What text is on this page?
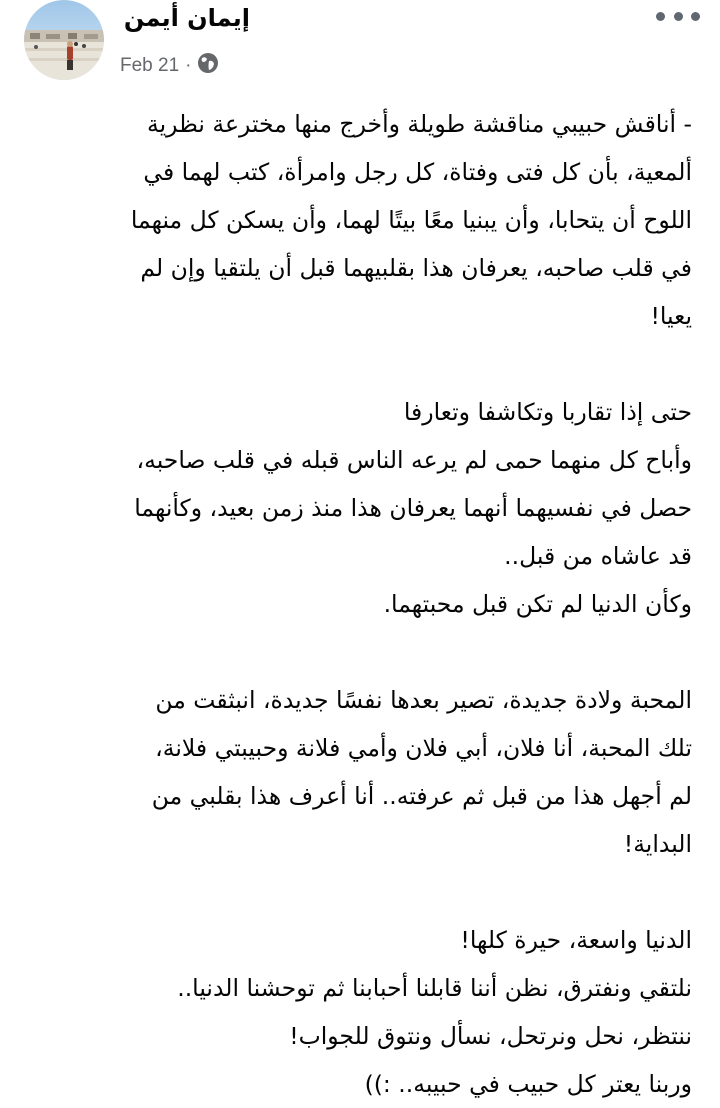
إيمان أيمن
Feb 21 ·
- أناقش حبيبي مناقشة طويلة وأخرج منها مخترعة نظرية
ألمعية، بأن كل فتى وفتاة، كل رجل وامرأة، كتب لهما في
اللوح أن يتحابا، وأن يبنيا معًا بيتًا لهما، وأن يسكن كل منهما
في قلب صاحبه، يعرفان هذا بقلبيهما قبل أن يلتقيا وإن لم
يعيا!
حتى إذا تقاربا وتكاشفا وتعارفا
وأباح كل منهما حمى لم يرعه الناس قبله في قلب صاحبه،
حصل في نفسيهما أنهما يعرفان هذا منذ زمن بعيد، وكأنهما
قد عاشاه من قبل..
وكأن الدنيا لم تكن قبل محبتهما.
المحبة ولادة جديدة، تصير بعدها نفسًا جديدة، انبثقت من
تلك المحبة، أنا فلان، أبي فلان وأمي فلانة وحبيبتي فلانة،
لم أجهل هذا من قبل ثم عرفته.. أنا أعرف هذا بقلبي من
البداية!
الدنيا واسعة، حيرة كلها!
نلتقي ونفترق، نظن أننا قابلنا أحبابنا ثم توحشنا الدنيا..
ننتظر، نحل ونرتحل، نسأل ونتوق للجواب!
وربنا يعتر كل حبيب في حبيبه.. :))
